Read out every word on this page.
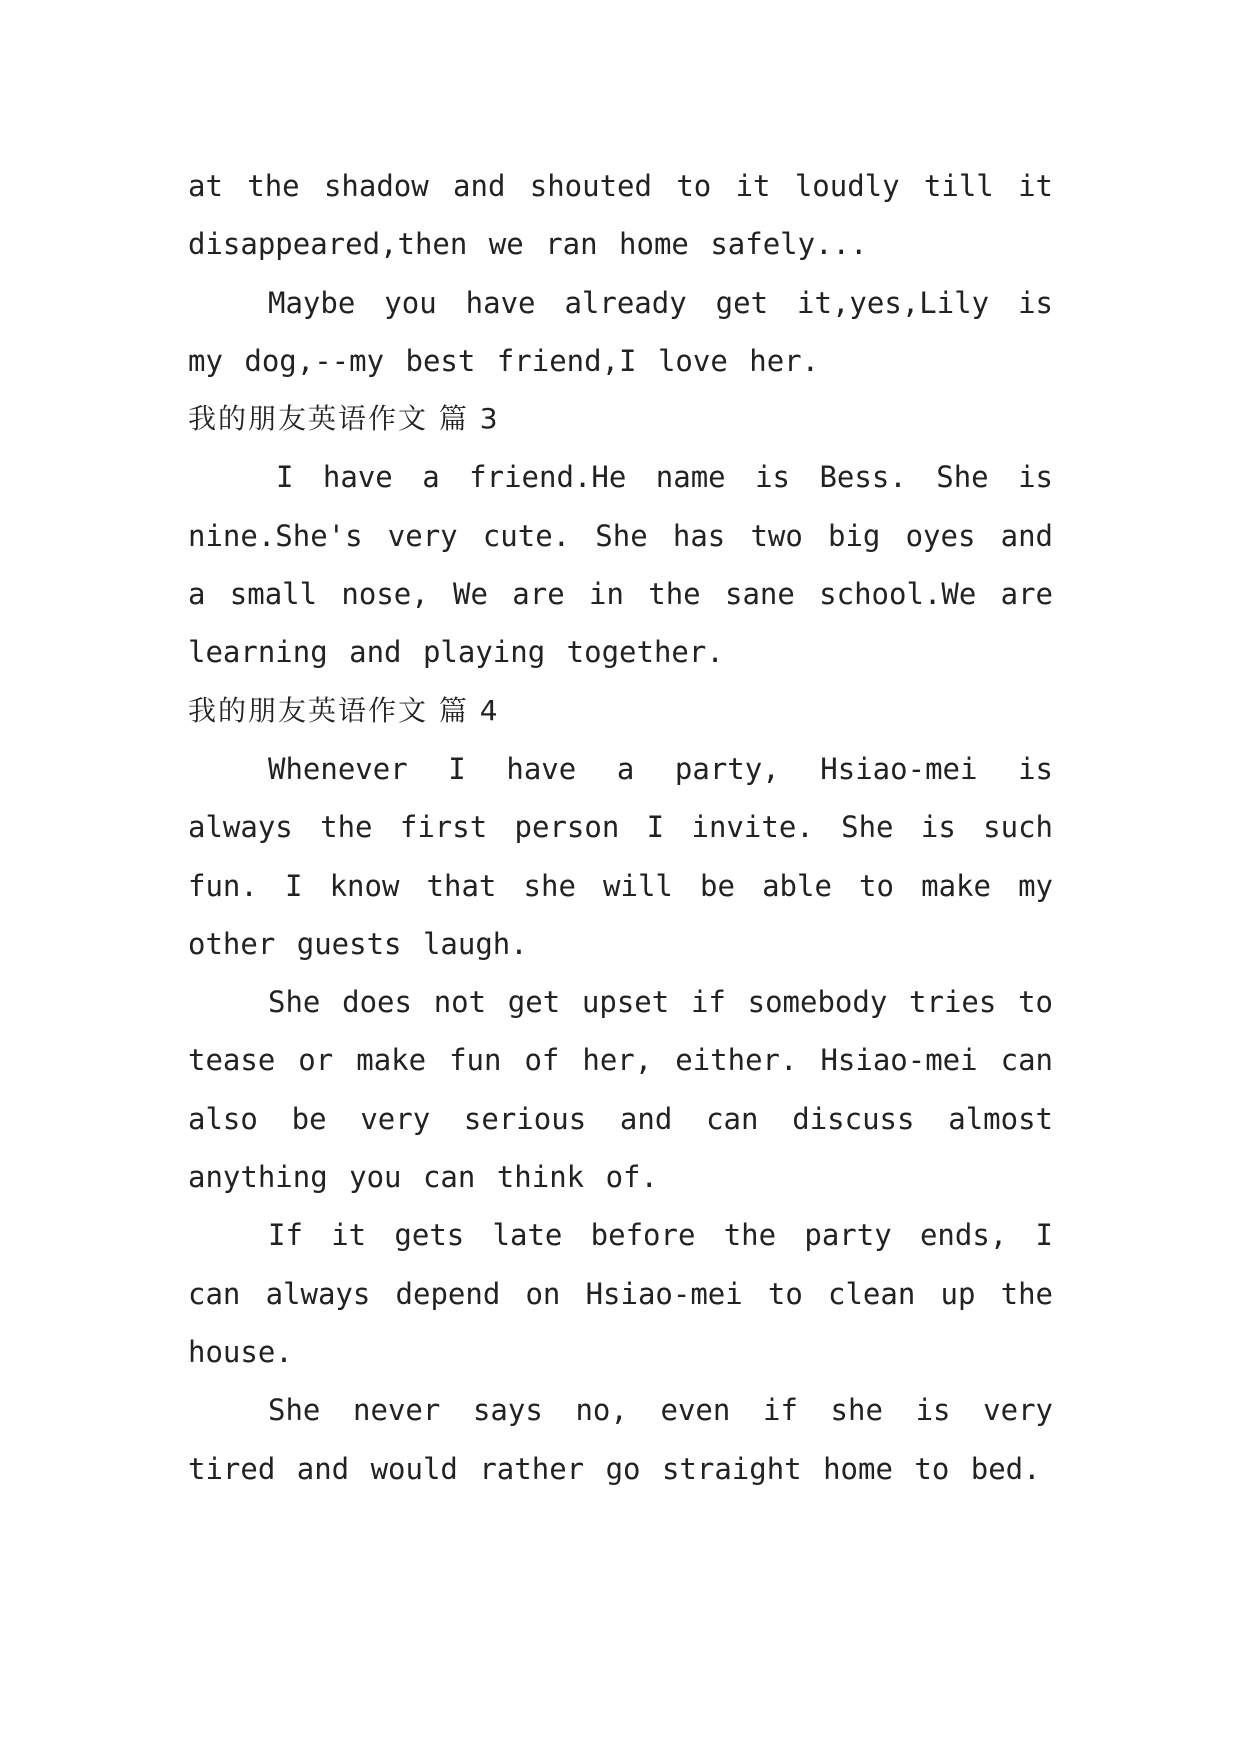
at the shadow and shouted to it loudly till it disappeared,then we ran home safely...

Maybe you have already get it,yes,Lily is my dog,--my best friend,I love her.

我的朋友英语作文 篇 3

I have a friend.He name is Bess. She is nine.She's very cute. She has two big oyes and a small nose, We are in the sane school.We are learning and playing together.

我的朋友英语作文 篇 4

Whenever I have a party, Hsiao-mei is always the first person I invite. She is such fun. I know that she will be able to make my other guests laugh.

She does not get upset if somebody tries to tease or make fun of her, either. Hsiao-mei can also be very serious and can discuss almost anything you can think of.

If it gets late before the party ends, I can always depend on Hsiao-mei to clean up the house.

She never says no, even if she is very tired and would rather go straight home to bed.
